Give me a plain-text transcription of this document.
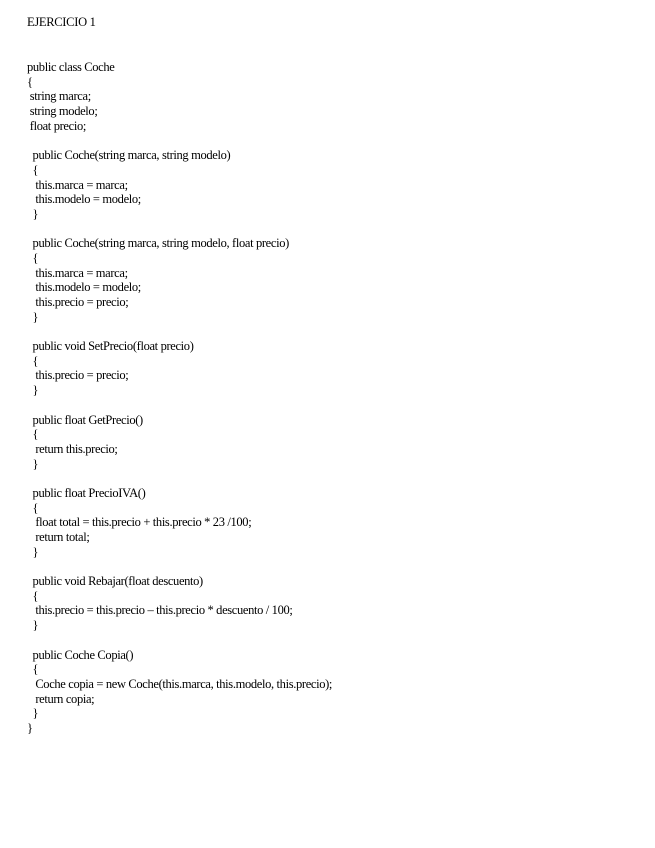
EJERCICIO 1
public class Coche
{
string marca;
string modelo;
float precio;
public Coche(string marca, string modelo)
{
this.marca = marca;
this.modelo = modelo;
}
public Coche(string marca, string modelo, float precio)
{
this.marca = marca;
this.modelo = modelo;
this.precio = precio;
}
public void SetPrecio(float precio)
{
this.precio = precio;
}
public float GetPrecio()
{
return this.precio;
}
public float PrecioIVA()
{
float total = this.precio + this.precio * 23 /100;
return total;
}
public void Rebajar(float descuento)
{
this.precio = this.precio – this.precio * descuento / 100;
}
public Coche Copia()
{
Coche copia = new Coche(this.marca, this.modelo, this.precio);
return copia;
}
}
